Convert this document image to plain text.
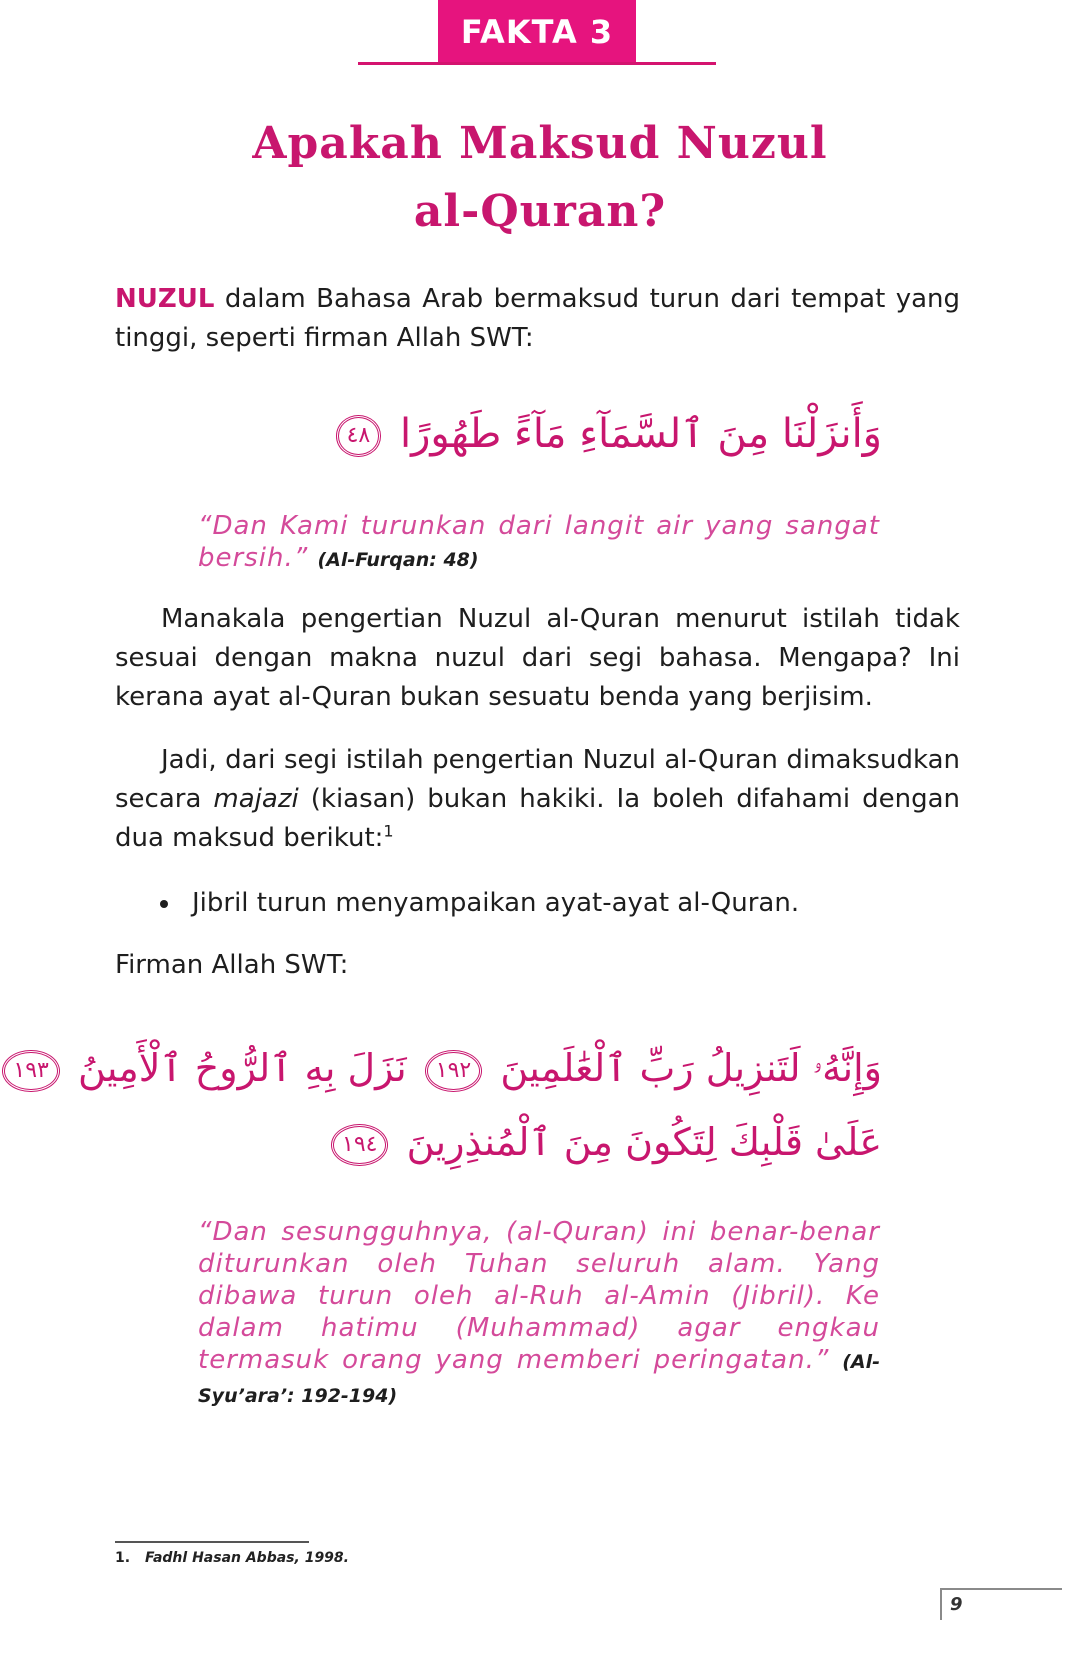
FAKTA 3
Apakah Maksud Nuzul
al-Quran?
NUZUL dalam Bahasa Arab bermaksud turun dari tempat yang tinggi, seperti firman Allah SWT:
وَأَنزَلْنَا مِنَ ٱلسَّمَآءِ مَآءً طَهُورًا ٤٨
“Dan Kami turunkan dari langit air yang sangat bersih.” (Al-Furqan: 48)
Manakala pengertian Nuzul al-Quran menurut istilah tidak sesuai dengan makna nuzul dari segi bahasa. Mengapa? Ini kerana ayat al-Quran bukan sesuatu benda yang berjisim.
Jadi, dari segi istilah pengertian Nuzul al-Quran dimaksudkan secara majazi (kiasan) bukan hakiki. Ia boleh difahami dengan dua maksud berikut:$^1$
Jibril turun menyampaikan ayat-ayat al-Quran.
Firman Allah SWT:
وَإِنَّهُۥ لَتَنزِيلُ رَبِّ ٱلْعَٰلَمِينَ ١٩٢ نَزَلَ بِهِ ٱلرُّوحُ ٱلْأَمِينُ ١٩٣
عَلَىٰ قَلْبِكَ لِتَكُونَ مِنَ ٱلْمُنذِرِينَ ١٩٤
“Dan sesungguhnya, (al-Quran) ini benar-benar diturunkan oleh Tuhan seluruh alam. Yang dibawa turun oleh al-Ruh al-Amin (Jibril). Ke dalam hatimu (Muhammad) agar engkau termasuk orang yang memberi peringatan.” (Al-Syu’ara’: 192-194)
1. Fadhl Hasan Abbas, 1998.
9
